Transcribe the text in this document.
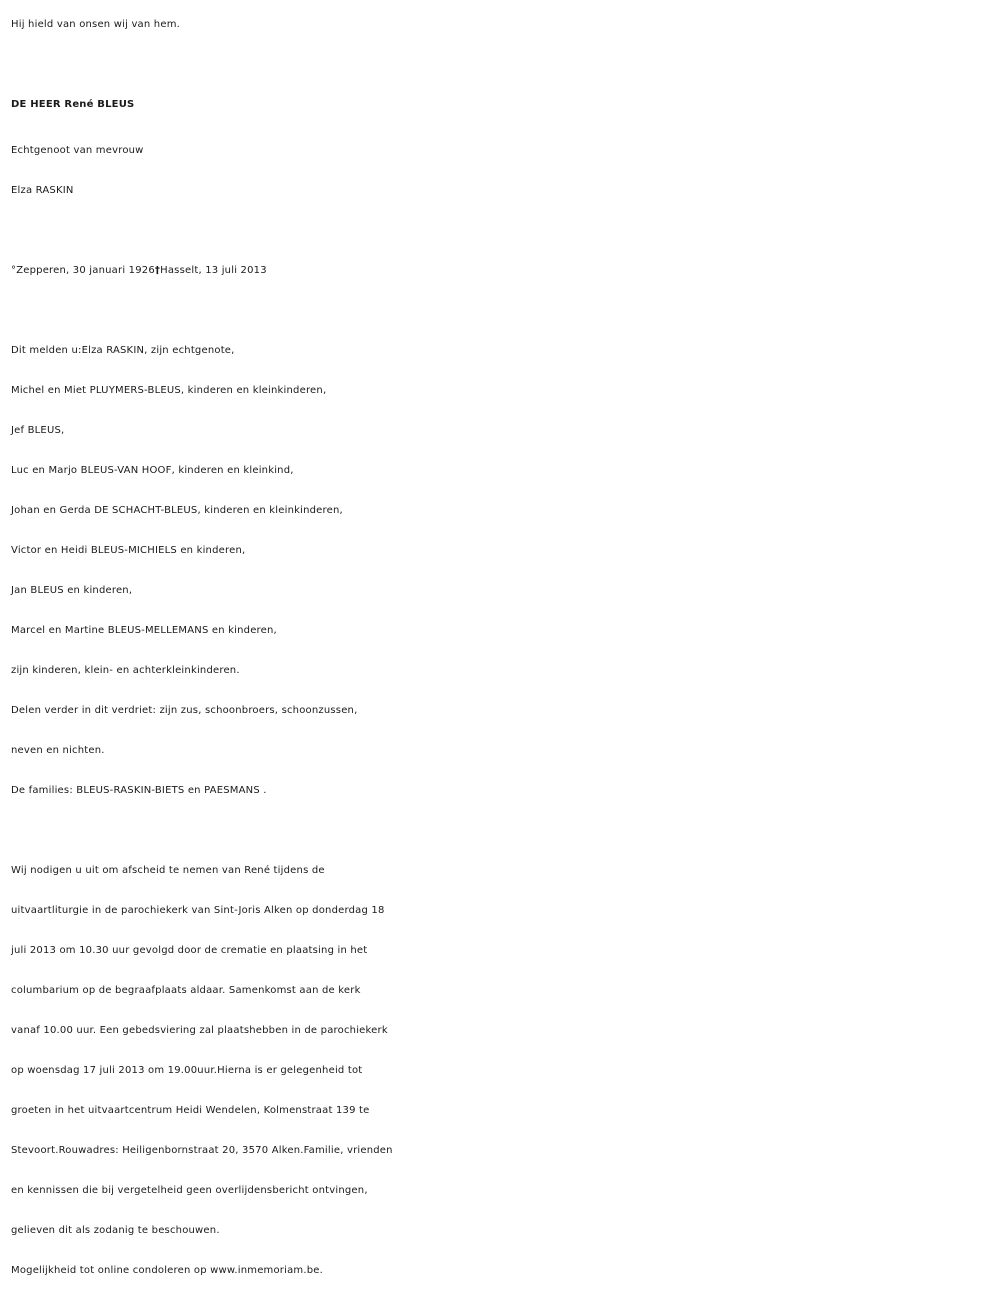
Hij hield van onsen wij van hem.
DE HEER René BLEUS
Echtgenoot van mevrouw
Elza RASKIN
°Zepperen, 30 januari 1926†Hasselt, 13 juli 2013
Dit melden u:Elza RASKIN, zijn echtgenote,
Michel en Miet PLUYMERS-BLEUS, kinderen en kleinkinderen,
Jef BLEUS,
Luc en Marjo BLEUS-VAN HOOF, kinderen en kleinkind,
Johan en Gerda DE SCHACHT-BLEUS, kinderen en kleinkinderen,
Victor en Heidi BLEUS-MICHIELS en kinderen,
Jan BLEUS en kinderen,
Marcel en Martine BLEUS-MELLEMANS en kinderen,
zijn kinderen, klein- en achterkleinkinderen.
Delen verder in dit verdriet: zijn zus, schoonbroers, schoonzussen,
neven en nichten.
De families: BLEUS-RASKIN-BIETS en PAESMANS .
Wij nodigen u uit om afscheid te nemen van René tijdens de
uitvaartliturgie in de parochiekerk van Sint-Joris Alken op donderdag 18
juli 2013 om 10.30 uur gevolgd door de crematie en plaatsing in het
columbarium op de begraafplaats aldaar. Samenkomst aan de kerk
vanaf 10.00 uur. Een gebedsviering zal plaatshebben in de parochiekerk
op woensdag 17 juli 2013 om 19.00uur.Hierna is er gelegenheid tot
groeten in het uitvaartcentrum Heidi Wendelen, Kolmenstraat 139 te
Stevoort.Rouwadres: Heiligenbornstraat 20, 3570 Alken.Familie, vrienden
en kennissen die bij vergetelheid geen overlijdensbericht ontvingen,
gelieven dit als zodanig te beschouwen.
Mogelijkheid tot online condoleren op www.inmemoriam.be.
